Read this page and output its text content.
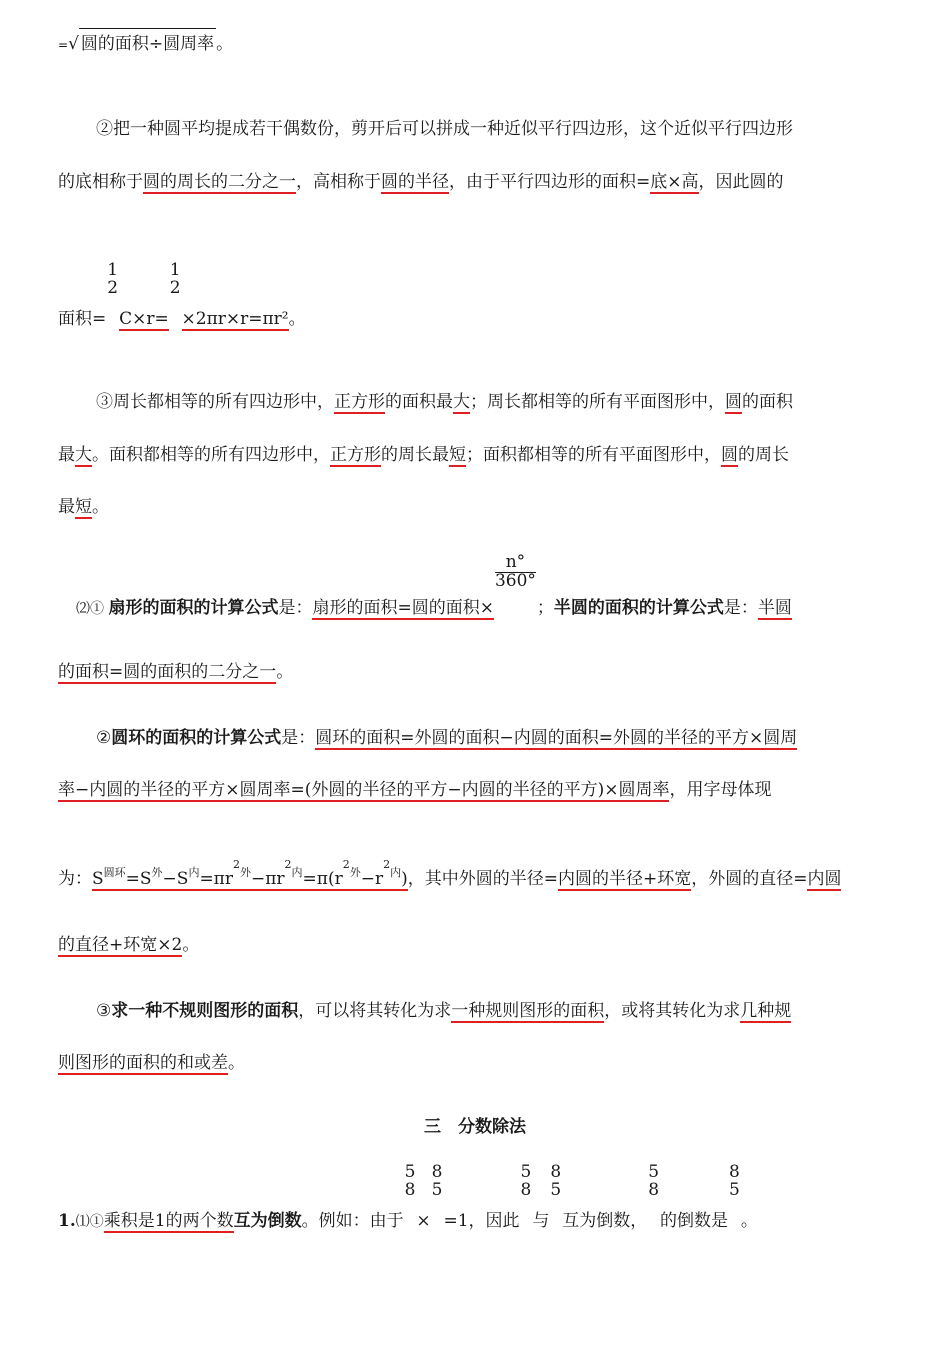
=√ 圆的面积÷圆周率 。
②把一种圆平均提成若干偶数份，剪开后可以拼成一种近似平行四边形，这个近似平行四边形
的底相称于圆的周长的二分之一，高相称于圆的半径，由于平行四边形的面积=底×高，因此圆的
面积=
1
2
C×r=
1
2
×2πr×r=πr²。
③周长都相等的所有四边形中，正方形的面积最大；周长都相等的所有平面图形中，圆的面积
最大。面积都相等的所有四边形中，正方形的周长最短；面积都相等的所有平面图形中，圆的周长
最短。
$_{⑵①}$ 扇形的面积的计算公式是：扇形的面积=圆的面积×
$\frac{n^\circ}{360^\circ}$
；半圆的面积的计算公式是：半圆
的面积=圆的面积的二分之一。
②圆环的面积的计算公式是：圆环的面积=外圆的面积−内圆的面积=外圆的半径的平方×圆周
率−内圆的半径的平方×圆周率=(外圆的半径的平方−内圆的半径的平方)×圆周率，用字母体现
为：$S^{圆环}=S^外-S^内=\pi r^{2外}-\pi r^{2内}=\pi(r^{2外}-r^{2内})$，其中外圆的半径=内圆的半径+环宽，外圆的直径=内圆
的直径+环宽×2。
③求一种不规则图形的面积，可以将其转化为求一种规则图形的面积，或将其转化为求几种规
则图形的面积的和或差。
三　分数除法
$1._{⑴①}$乘积是1的两个数互为倒数。例如：由于
5
8
×
8
5
=1，因此
5
8
与
8
5
互为倒数，
5
8
的倒数是
8
5
。
